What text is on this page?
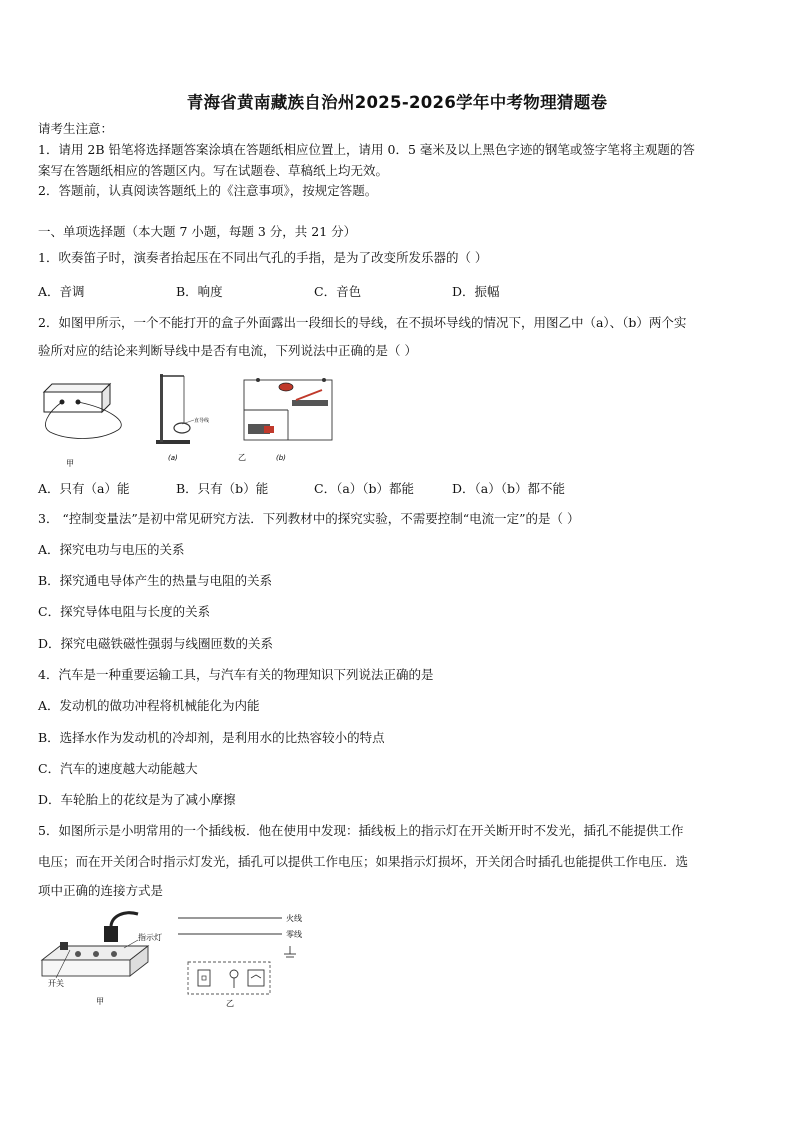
青海省黄南藏族自治州2025-2026学年中考物理猜题卷
请考生注意：
1．请用 2B 铅笔将选择题答案涂填在答题纸相应位置上，请用 0．5 毫米及以上黑色字迹的钢笔或签字笔将主观题的答
案写在答题纸相应的答题区内。写在试题卷、草稿纸上均无效。
2．答题前，认真阅读答题纸上的《注意事项》，按规定答题。
一、单项选择题（本大题 7 小题，每题 3 分，共 21 分）
1．吹奏笛子时，演奏者抬起压在不同出气孔的手指，是为了改变所发乐器的（ ）
A．音调	B．响度	C．音色	D．振幅
2．如图甲所示，一个不能打开的盒子外面露出一段细长的导线，在不损坏导线的情况下，用图乙中（a）、（b）两个实
验所对应的结论来判断导线中是否有电流，下列说法中正确的是（ ）
甲
直导线
(a)	乙	(b)
A．只有（a）能	B．只有（b）能	C．（a）（b）都能	D．（a）（b）都不能
3． “控制变量法”是初中常见研究方法．下列教材中的探究实验，不需要控制“电流一定”的是（ ）
A．探究电功与电压的关系
B．探究通电导体产生的热量与电阻的关系
C．探究导体电阻与长度的关系
D．探究电磁铁磁性强弱与线圈匝数的关系
4．汽车是一种重要运输工具，与汽车有关的物理知识下列说法正确的是
A．发动机的做功冲程将机械能化为内能
B．选择水作为发动机的冷却剂，是利用水的比热容较小的特点
C．汽车的速度越大动能越大
D．车轮胎上的花纹是为了减小摩擦
5．如图所示是小明常用的一个插线板．他在使用中发现：插线板上的指示灯在开关断开时不发光，插孔不能提供工作
电压；而在开关闭合时指示灯发光，插孔可以提供工作电压；如果指示灯损坏，开关闭合时插孔也能提供工作电压．选
项中正确的连接方式是
指示灯
开关
甲
火线
零线
乙
